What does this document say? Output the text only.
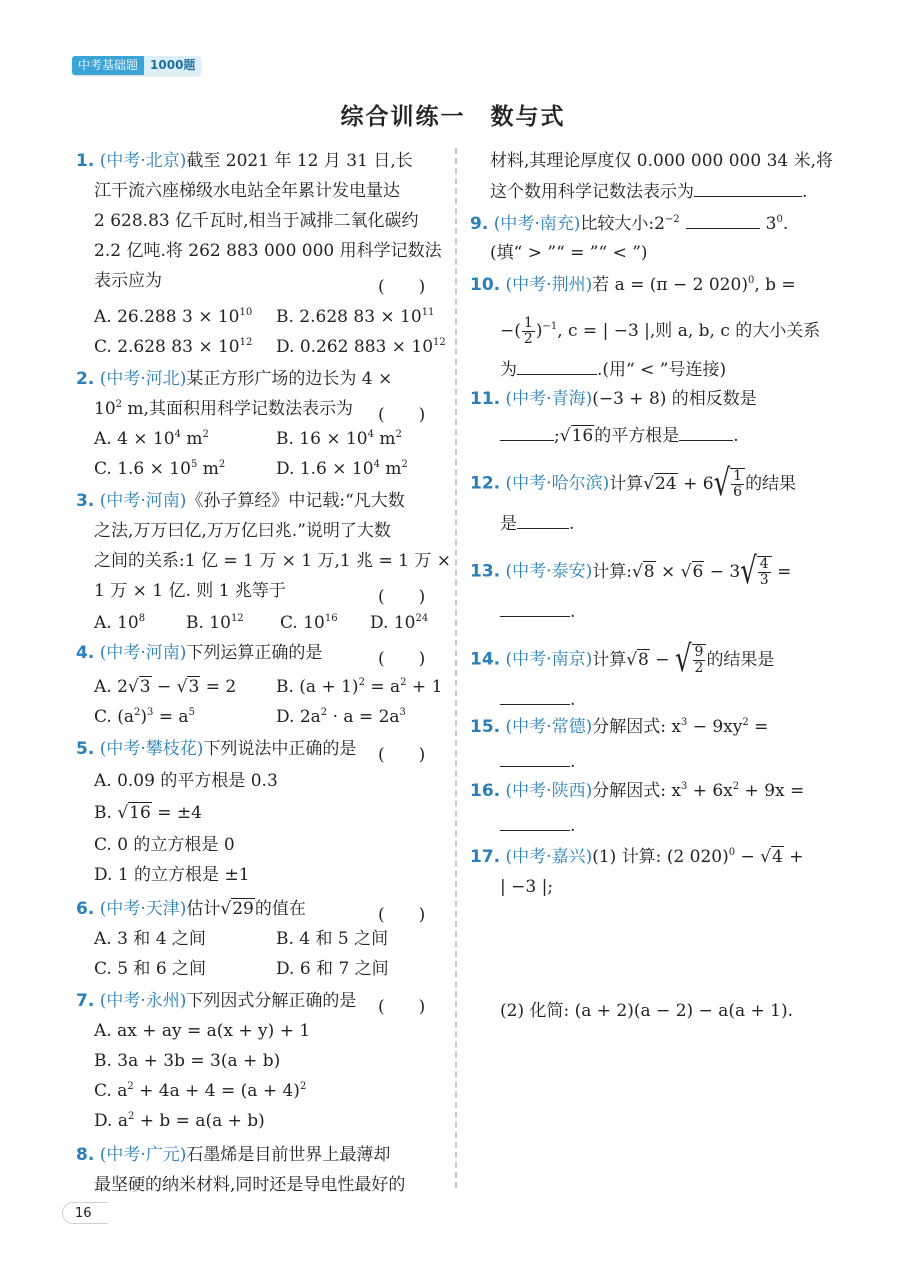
中考基础题	1000题
综合训练一　数与式
1. (中考·北京)截至 2021 年 12 月 31 日,长
江干流六座梯级水电站全年累计发电量达
2 628.83 亿千瓦时,相当于减排二氧化碳约
2.2 亿吨.将 262 883 000 000 用科学记数法
表示应为	(　　)
A. 26.288 $3 \times 10^{10}$ B. 2.628 $83 \times 10^{11}$
C. 2.628 $83 \times 10^{12}$ D. 0.262 $883 \times 10^{12}$
2. (中考·河北)某正方形广场的边长为 4 ×
$10^2$ m,其面积用科学记数法表示为 (　　)
A. $4 \times 10^4$ $m^2$	B. $16 \times 10^4$ $m^2$
C. $1.6 \times 10^5$ $m^2$	D. $1.6 \times 10^4$ $m^2$
3. (中考·河南)《孙子算经》中记载:“凡大数
之法,万万曰亿,万万亿曰兆.”说明了大数
之间的关系:1 亿 = 1 万 × 1 万,1 兆 = 1 万 ×
1 万 × 1 亿. 则 1 兆等于	(　　)
A. $10^8$ B. $10^{12}$ C. $10^{16}$ D. $10^{24}$
4. (中考·河南)下列运算正确的是	(　　)
A. 2√3 − √3 = 2 B. $(a + 1)^2 = a^2 + 1$
C. $(a^2)^3 = a^5$	D. $2a^2 \cdot a = 2a^3$
5. (中考·攀枝花)下列说法中正确的是 (　　)
A. 0.09 的平方根是 0.3
B. √16 = ±4
C. 0 的立方根是 0
D. 1 的立方根是 ±1
6. (中考·天津)估计√29的值在	(　　)
A. 3 和 4 之间	B. 4 和 5 之间
C. 5 和 6 之间	D. 6 和 7 之间
7. (中考·永州)下列因式分解正确的是 (　　)
A. ax + ay = a(x + y) + 1
B. 3a + 3b = 3(a + b)
C. $a^2 + 4a + 4 = (a + 4)^2$
D. $a^2 + b = a(a + b)$
8. (中考·广元)石墨烯是目前世界上最薄却
最坚硬的纳米材料,同时还是导电性最好的
材料,其理论厚度仅 0.000 000 000 34 米,将
这个数用科学记数法表示为	.
9. (中考·南充)比较大小$:2^{-2}$	$3^0$.
(填“ > ”“ = ”“ < ”)
10. (中考·荆州)若 a = (π − 2 020)$^0$, b =
−( $\frac{1}{2} )^{-1}$, c = | −3 |,则 a, b, c 的大小关系
为	.(用“ < ”号连接)
11. (中考·青海)(−3 + 8) 的相反数是
;√16的平方根是	.
12. (中考·哈尔滨)计算√24 + 6 √ $\frac{1}{6}$ 的结果
是	.
13. (中考·泰安)计算:√8 × √6 − 3 √ $\frac{4}{3}$ =
.
14. (中考·南京)计算√8 − √ $\frac{9}{2}$ 的结果是
.
15. (中考·常德)分解因式: $x^3 - 9xy^2$ =
.
16. (中考·陕西)分解因式: $x^3 + 6x^2 + 9x$ =
.
17. (中考·嘉兴)(1) 计算: (2 020)$^0$ − √4 +
| −3 |;
(2) 化简: (a + 2)(a − 2) − a(a + 1).
16
